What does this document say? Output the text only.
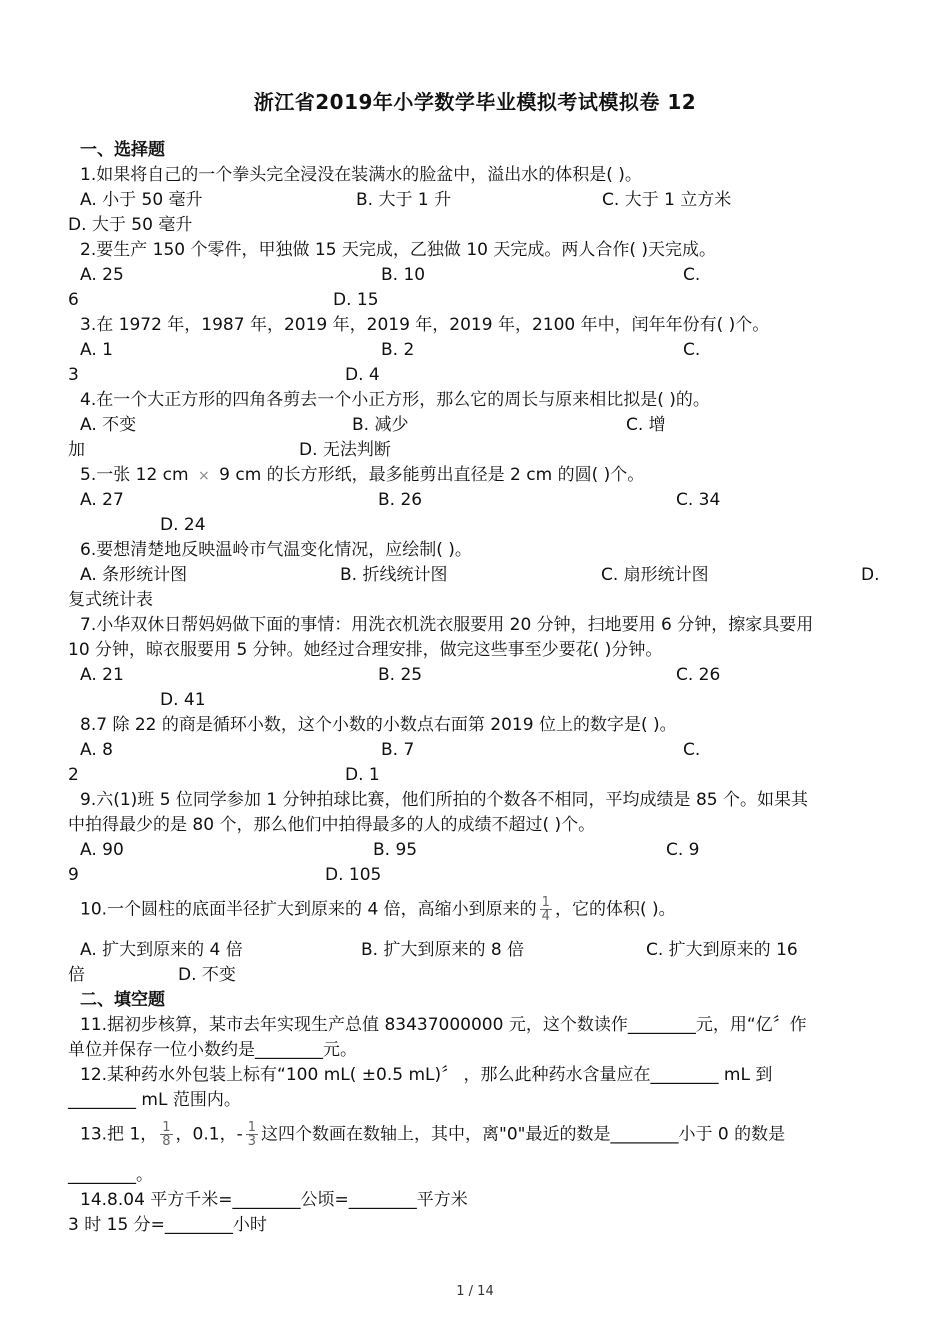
浙江省2019年小学数学毕业模拟考试模拟卷 12
一、选择题
1.如果将自己的一个拳头完全浸没在装满水的脸盆中，溢出水的体积是( )。
A. 小于 50 毫升	B. 大于 1 升	C. 大于 1 立方米
D. 大于 50 毫升
2.要生产 150 个零件，甲独做 15 天完成，乙独做 10 天完成。两人合作( )天完成。
A. 25	B. 10	C.
6	D. 15
3.在 1972 年，1987 年，2019 年，2019 年，2019 年，2100 年中，闰年年份有( )个。
A. 1	B. 2	C.
3	D. 4
4.在一个大正方形的四角各剪去一个小正方形，那么它的周长与原来相比拟是( )的。
A. 不变	B. 减少	C. 增
加	D. 无法判断
5.一张 12 cm × 9 cm 的长方形纸，最多能剪出直径是 2 cm 的圆( )个。
A. 27	B. 26	C. 34
D. 24
6.要想清楚地反映温岭市气温变化情况，应绘制( )。
A. 条形统计图	B. 折线统计图	C. 扇形统计图	D.
复式统计表
7.小华双休日帮妈妈做下面的事情：用洗衣机洗衣服要用 20 分钟，扫地要用 6 分钟，擦家具要用
10 分钟，晾衣服要用 5 分钟。她经过合理安排，做完这些事至少要花( )分钟。
A. 21	B. 25	C. 26
D. 41
8.7 除 22 的商是循环小数，这个小数的小数点右面第 2019 位上的数字是( )。
A. 8	B. 7	C.
2	D. 1
9.六(1)班 5 位同学参加 1 分钟拍球比赛，他们所拍的个数各不相同，平均成绩是 85 个。如果其
中拍得最少的是 80 个，那么他们中拍得最多的人的成绩不超过( )个。
A. 90	B. 95	C. 9
9	D. 105
10.一个圆柱的底面半径扩大到原来的 4 倍，高缩小到原来的 $\frac{1}{4}$ ，它的体积( )。
A. 扩大到原来的 4 倍	B. 扩大到原来的 8 倍	C. 扩大到原来的 16
倍	D. 不变
二、填空题
11.据初步核算，某市去年实现生产总值 83437000000 元，这个数读作________元，用“亿〞作
单位并保存一位小数约是________元。
12.某种药水外包装上标有“100 mL( ±0.5 mL)〞 ，那么此种药水含量应在________ mL 到
________ mL 范围内。
13.把 1， $\frac{1}{8}$ ，0.1，- $\frac{1}{3}$ 这四个数画在数轴上，其中，离"0"最近的数是________小于 0 的数是
________。
14.8.04 平方千米=________公顷=________平方米
3 时 15 分=________小时
1 / 14
